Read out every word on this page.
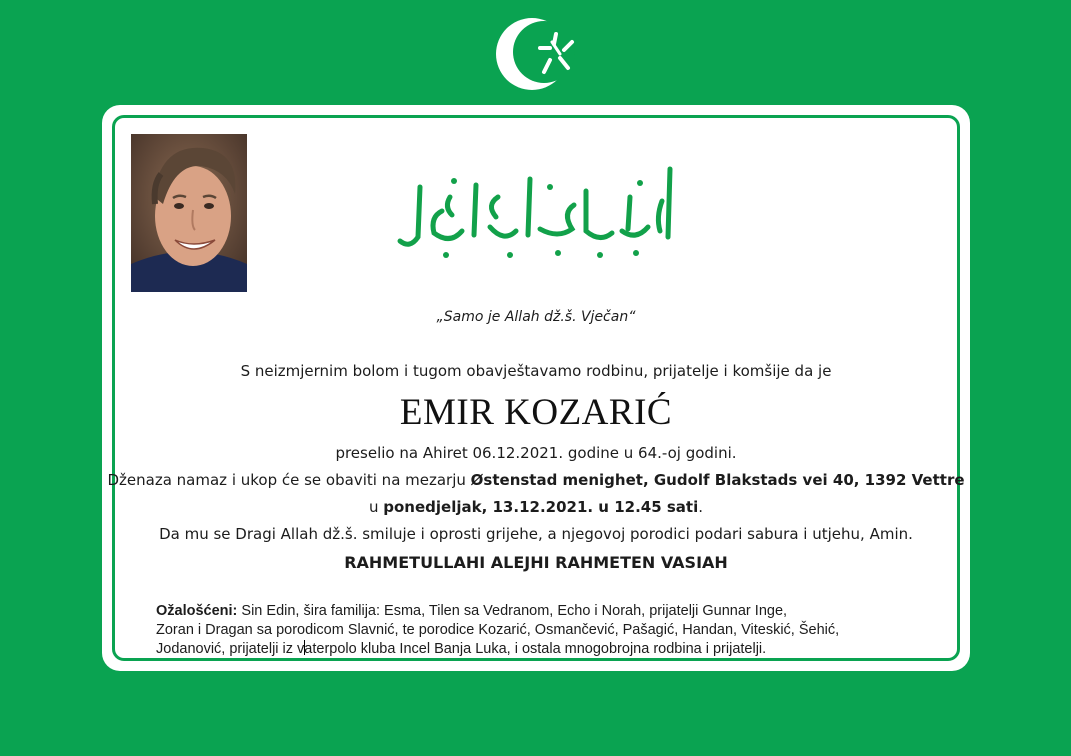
„Samo je Allah dž.š. Vječan“
S neizmjernim bolom i tugom obavještavamo rodbinu, prijatelje i komšije da je
EMIR KOZARIĆ
preselio na Ahiret 06.12.2021. godine u 64.-oj godini.
Dženaza namaz i ukop će se obaviti na mezarju Østenstad menighet, Gudolf Blakstads vei 40, 1392 Vettre
u ponedjeljak, 13.12.2021. u 12.45 sati.
Da mu se Dragi Allah dž.š. smiluje i oprosti grijehe, a njegovoj porodici podari sabura i utjehu, Amin.
RAHMETULLAHI ALEJHI RAHMETEN VASIAH
Ožalošćeni: Sin Edin, šira familija: Esma, Tilen sa Vedranom, Echo i Norah, prijatelji Gunnar Inge,
Zoran i Dragan sa porodicom Slavnić, te porodice Kozarić, Osmančević, Pašagić, Handan, Viteskić, Šehić,
Jodanović, prijatelji iz vaterpolo kluba Incel Banja Luka, i ostala mnogobrojna rodbina i prijatelji.
